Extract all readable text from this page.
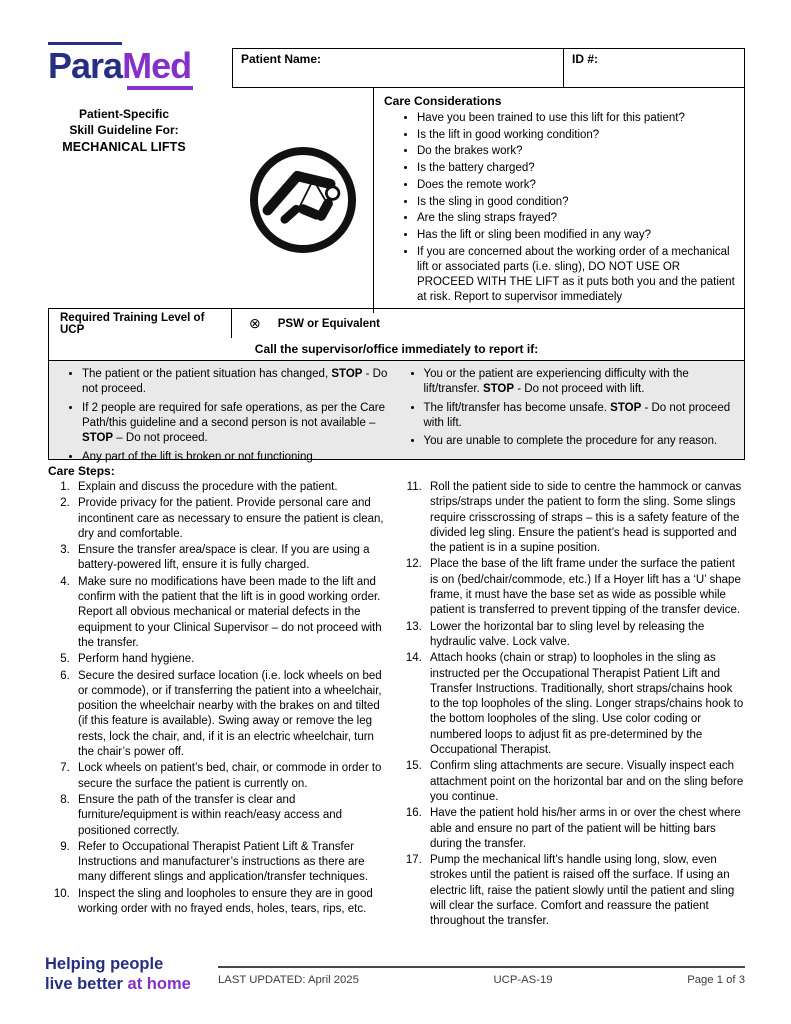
ParaMed
Patient-Specific
Skill Guideline For:
MECHANICAL LIFTS
Patient Name:	ID #:
Care Considerations
• Have you been trained to use this lift for this patient?
• Is the lift in good working condition?
• Do the brakes work?
• Is the battery charged?
• Does the remote work?
• Is the sling in good condition?
• Are the sling straps frayed?
• Has the lift or sling been modified in any way?
• If you are concerned about the working order of a mechanical lift or associated parts (i.e. sling), DO NOT USE OR PROCEED WITH THE LIFT as it puts both you and the patient at risk. Report to supervisor immediately
Required Training Level of UCP	⊗ PSW or Equivalent
Call the supervisor/office immediately to report if:
• The patient or the patient situation has changed, STOP - Do not proceed.
• If 2 people are required for safe operations, as per the Care Path/this guideline and a second person is not available – STOP – Do not proceed.
• Any part of the lift is broken or not functioning.
• You or the patient are experiencing difficulty with the lift/transfer. STOP - Do not proceed with lift.
• The lift/transfer has become unsafe. STOP - Do not proceed with lift.
• You are unable to complete the procedure for any reason.
Care Steps:
1. Explain and discuss the procedure with the patient.
2. Provide privacy for the patient. Provide personal care and incontinent care as necessary to ensure the patient is clean, dry and comfortable.
3. Ensure the transfer area/space is clear. If you are using a battery-powered lift, ensure it is fully charged.
4. Make sure no modifications have been made to the lift and confirm with the patient that the lift is in good working order. Report all obvious mechanical or material defects in the equipment to your Clinical Supervisor – do not proceed with the transfer.
5. Perform hand hygiene.
6. Secure the desired surface location (i.e. lock wheels on bed or commode), or if transferring the patient into a wheelchair, position the wheelchair nearby with the brakes on and tilted (if this feature is available). Swing away or remove the leg rests, lock the chair, and, if it is an electric wheelchair, turn the chair’s power off.
7. Lock wheels on patient’s bed, chair, or commode in order to secure the surface the patient is currently on.
8. Ensure the path of the transfer is clear and furniture/equipment is within reach/easy access and positioned correctly.
9. Refer to Occupational Therapist Patient Lift & Transfer Instructions and manufacturer’s instructions as there are many different slings and application/transfer techniques.
10. Inspect the sling and loopholes to ensure they are in good working order with no frayed ends, holes, tears, rips, etc.
11. Roll the patient side to side to centre the hammock or canvas strips/straps under the patient to form the sling. Some slings require crisscrossing of straps – this is a safety feature of the divided leg sling. Ensure the patient’s head is supported and the patient is in a supine position.
12. Place the base of the lift frame under the surface the patient is on (bed/chair/commode, etc.) If a Hoyer lift has a ‘U’ shape frame, it must have the base set as wide as possible while patient is transferred to prevent tipping of the transfer device.
13. Lower the horizontal bar to sling level by releasing the hydraulic valve. Lock valve.
14. Attach hooks (chain or strap) to loopholes in the sling as instructed per the Occupational Therapist Patient Lift and Transfer Instructions. Traditionally, short straps/chains hook to the top loopholes of the sling. Longer straps/chains hook to the bottom loopholes of the sling. Use color coding or numbered loops to adjust fit as pre-determined by the Occupational Therapist.
15. Confirm sling attachments are secure. Visually inspect each attachment point on the horizontal bar and on the sling before you continue.
16. Have the patient hold his/her arms in or over the chest where able and ensure no part of the patient will be hitting bars during the transfer.
17. Pump the mechanical lift’s handle using long, slow, even strokes until the patient is raised off the surface. If using an electric lift, raise the patient slowly until the patient and sling will clear the surface. Comfort and reassure the patient throughout the transfer.
Helping people
live better at home LAST UPDATED: April 2025	UCP-AS-19	Page 1 of 3
